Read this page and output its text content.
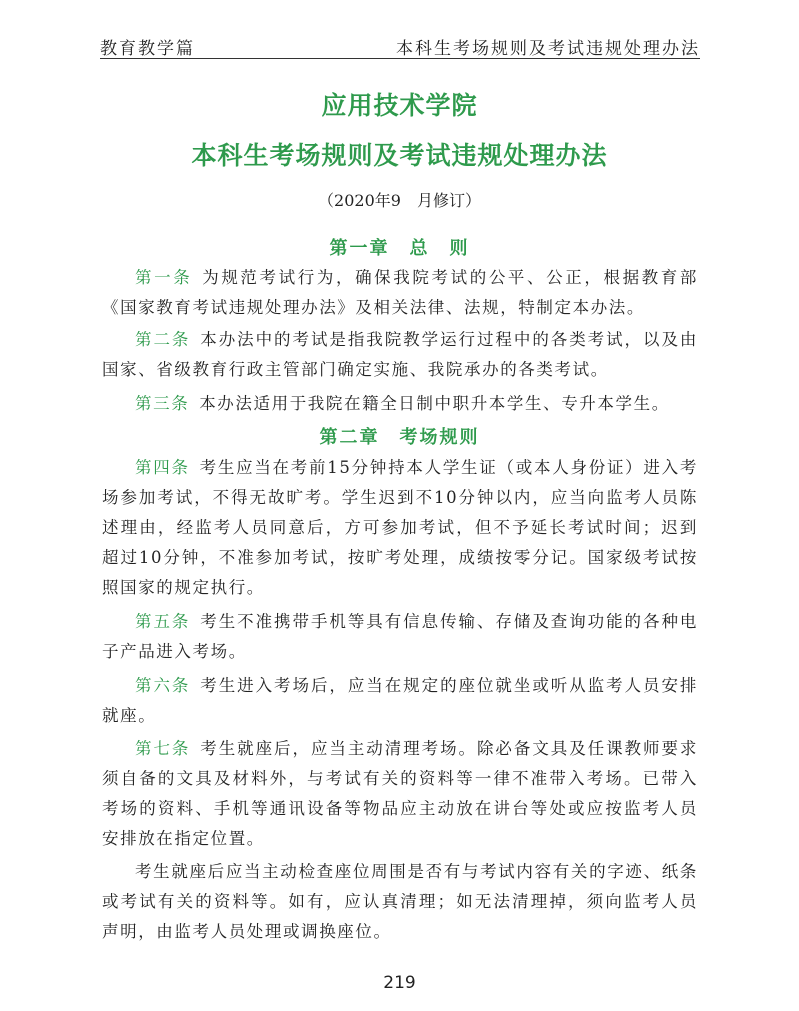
教育教学篇	本科生考场规则及考试违规处理办法
应用技术学院
本科生考场规则及考试违规处理办法
（2020年9　月修订）
第一章　总　则

第一条 为规范考试行为，确保我院考试的公平、公正，根据教育部《国家教育考试违规处理办法》及相关法律、法规，特制定本办法。

第二条 本办法中的考试是指我院教学运行过程中的各类考试，以及由国家、省级教育行政主管部门确定实施、我院承办的各类考试。

第三条 本办法适用于我院在籍全日制中职升本学生、专升本学生。

第二章　考场规则

第四条 考生应当在考前15分钟持本人学生证（或本人身份证）进入考场参加考试，不得无故旷考。学生迟到不10分钟以内，应当向监考人员陈述理由，经监考人员同意后，方可参加考试，但不予延长考试时间；迟到超过10分钟，不准参加考试，按旷考处理，成绩按零分记。国家级考试按照国家的规定执行。

第五条 考生不准携带手机等具有信息传输、存储及查询功能的各种电子产品进入考场。

第六条 考生进入考场后，应当在规定的座位就坐或听从监考人员安排就座。

第七条 考生就座后，应当主动清理考场。除必备文具及任课教师要求须自备的文具及材料外，与考试有关的资料等一律不准带入考场。已带入考场的资料、手机等通讯设备等物品应主动放在讲台等处或应按监考人员安排放在指定位置。

考生就座后应当主动检查座位周围是否有与考试内容有关的字迹、纸条或考试有关的资料等。如有，应认真清理；如无法清理掉，须向监考人员声明，由监考人员处理或调换座位。

219
